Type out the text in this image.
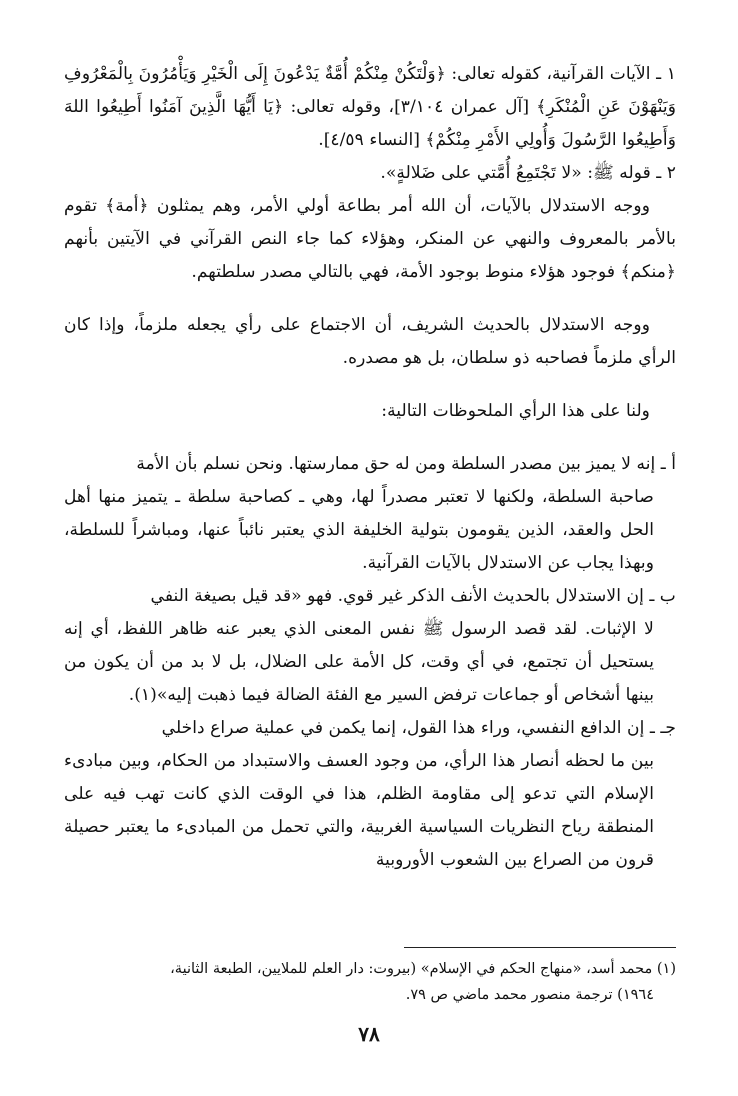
١ ـ الآيات القرآنية، كقوله تعالى: ﴿وَلْتَكُنْ مِنْكُمْ أُمَّةٌ يَدْعُونَ إِلَى الْخَيْرِ وَيَأْمُرُونَ بِالْمَعْرُوفِ وَيَنْهَوْنَ عَنِ الْمُنْكَرِ﴾ [آل عمران ٣/١٠٤]، وقوله تعالى: ﴿يَا أَيُّهَا الَّذِينَ آمَنُوا أَطِيعُوا اللهَ وَأَطِيعُوا الرَّسُولَ وَأُولِي الأَمْرِ مِنْكُمْ﴾ [النساء ٤/٥٩].

٢ ـ قوله ﷺ: «لا تَجْتَمِعُ أُمَّتي على ضَلالةٍ».

ووجه الاستدلال بالآيات، أن الله أمر بطاعة أولي الأمر، وهم يمثلون ﴿أمة﴾ تقوم بالأمر بالمعروف والنهي عن المنكر، وهؤلاء كما جاء النص القرآني في الآيتين بأنهم ﴿منكم﴾ فوجود هؤلاء منوط بوجود الأمة، فهي بالتالي مصدر سلطتهم.

ووجه الاستدلال بالحديث الشريف، أن الاجتماع على رأي يجعله ملزماً، وإذا كان الرأي ملزماً فصاحبه ذو سلطان، بل هو مصدره.

ولنا على هذا الرأي الملحوظات التالية:

أ ـ إنه لا يميز بين مصدر السلطة ومن له حق ممارستها. ونحن نسلم بأن الأمة

صاحبة السلطة، ولكنها لا تعتبر مصدراً لها، وهي ـ كصاحبة سلطة ـ يتميز منها أهل الحل والعقد، الذين يقومون بتولية الخليفة الذي يعتبر نائباً عنها، ومباشراً للسلطة، وبهذا يجاب عن الاستدلال بالآيات القرآنية.

ب ـ إن الاستدلال بالحديث الأنف الذكر غير قوي. فهو «قد قيل بصيغة النفي

لا الإثبات. لقد قصد الرسول ﷺ نفس المعنى الذي يعبر عنه ظاهر اللفظ، أي إنه يستحيل أن تجتمع، في أي وقت، كل الأمة على الضلال، بل لا بد من أن يكون من بينها أشخاص أو جماعات ترفض السير مع الفئة الضالة فيما ذهبت إليه»(١).

جـ ـ إن الدافع النفسي، وراء هذا القول، إنما يكمن في عملية صراع داخلي

بين ما لحظه أنصار هذا الرأي، من وجود العسف والاستبداد من الحكام، وبين مبادىء الإسلام التي تدعو إلى مقاومة الظلم، هذا في الوقت الذي كانت تهب فيه على المنطقة رياح النظريات السياسية الغربية، والتي تحمل من المبادىء ما يعتبر حصيلة قرون من الصراع بين الشعوب الأوروبية

(١) محمد أسد، «منهاج الحكم في الإسلام» (بيروت: دار العلم للملايين، الطبعة الثانية،
١٩٦٤) ترجمة منصور محمد ماضي ص ٧٩.
٧٨
